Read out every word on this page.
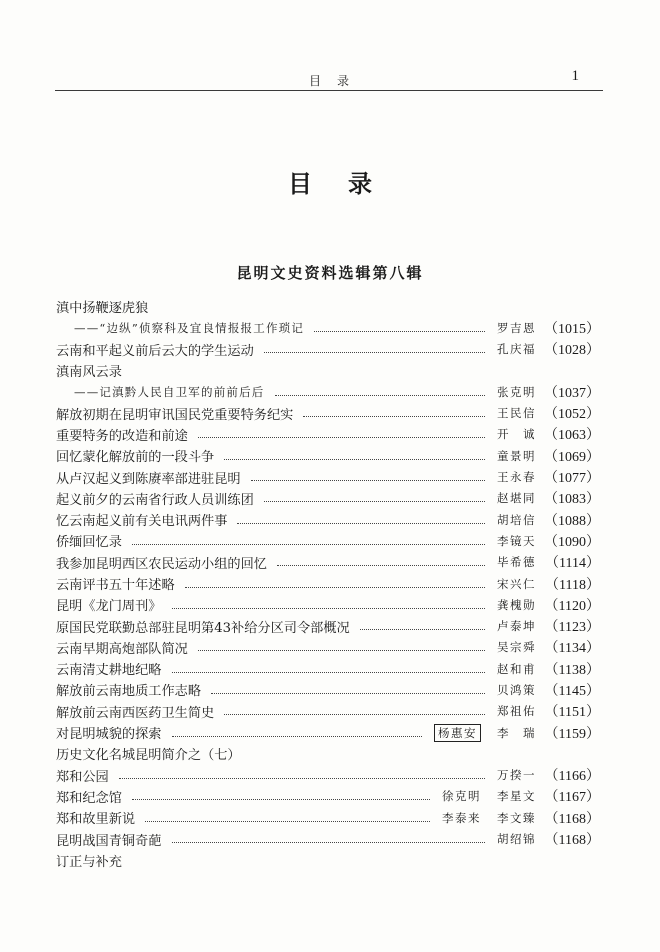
目录	1
目录
昆明文史资料选辑第八辑
滇中扬鞭逐虎狼
——“边纵”侦察科及宜良情报报工作琐记	罗吉恩 （1015）
云南和平起义前后云大的学生运动	孔庆福 （1028）
滇南风云录
——记滇黔人民自卫军的前前后后	张克明 （1037）
解放初期在昆明审讯国民党重要特务纪实	王民信 （1052）
重要特务的改造和前途	开　诚 （1063）
回忆蒙化解放前的一段斗争	童景明 （1069）
从卢汉起义到陈赓率部进驻昆明	王永春 （1077）
起义前夕的云南省行政人员训练团	赵堪同 （1083）
忆云南起义前有关电讯两件事	胡培信 （1088）
侨缅回忆录	李镜天 （1090）
我参加昆明西区农民运动小组的回忆	毕希德 （1114）
云南评书五十年述略	宋兴仁 （1118）
昆明《龙门周刊》	龚槐勋 （1120）
原国民党联勤总部驻昆明第43补给分区司令部概况	卢泰坤 （1123）
云南早期高炮部队简况	吴宗舜 （1134）
云南清丈耕地纪略	赵和甫 （1138）
解放前云南地质工作志略	贝鸿策 （1145）
解放前云南西医药卫生简史	郑祖佑 （1151）
对昆明城貌的探索	杨惠安	李　瑞 （1159）
历史文化名城昆明简介之（七）
郑和公园	万揆一 （1166）
郑和纪念馆	徐克明 李星文 （1167）
郑和故里新说	李泰来 李文臻 （1168）
昆明战国青铜奇葩	胡绍锦 （1168）
订正与补充
